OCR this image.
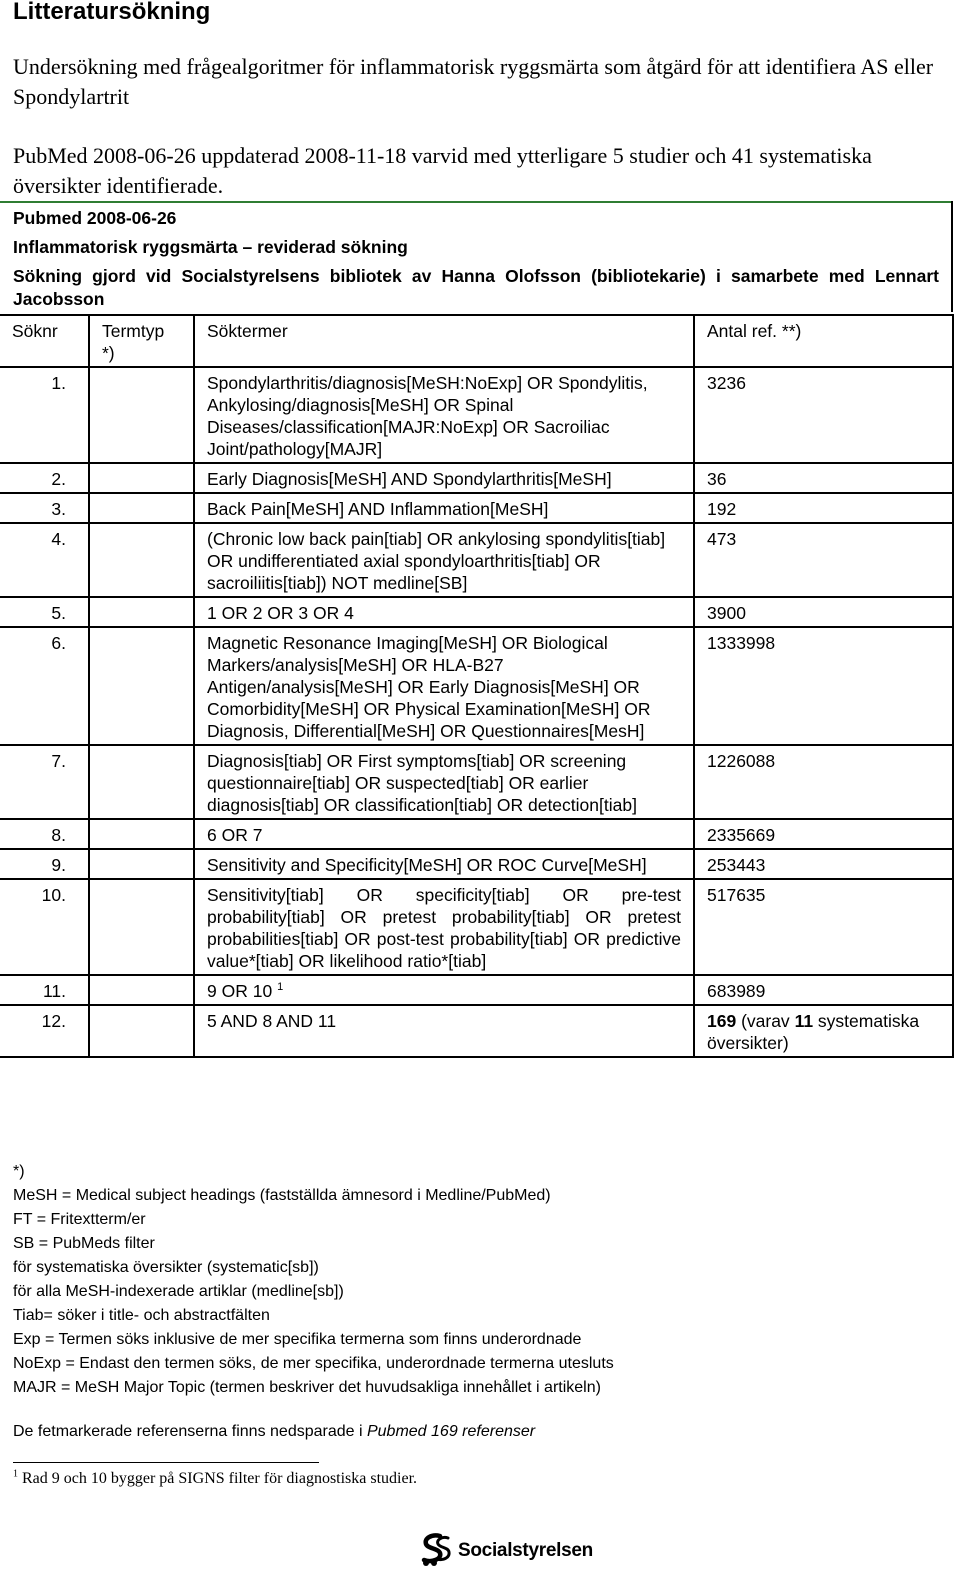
Litteratursökning
Undersökning med frågealgoritmer för inflammatorisk ryggsmärta som åtgärd för att identifiera AS eller Spondylartrit
PubMed 2008-06-26 uppdaterad 2008-11-18 varvid med ytterligare 5 studier och 41 systematiska översikter identifierade.
Pubmed 2008-06-26
Inflammatorisk ryggsmärta – reviderad sökning
Sökning gjord vid Socialstyrelsens bibliotek av Hanna Olofsson (bibliotekarie) i samarbete med Lennart Jacobsson
Söknr	Termtyp *)	Söktermer	Antal ref. **)
1.		Spondylarthritis/diagnosis[MeSH:NoExp] OR Spondylitis, Ankylosing/diagnosis[MeSH] OR Spinal Diseases/classification[MAJR:NoExp] OR Sacroiliac Joint/pathology[MAJR]	3236
2.		Early Diagnosis[MeSH] AND Spondylarthritis[MeSH]	36
3.		Back Pain[MeSH] AND Inflammation[MeSH]	192
4.		(Chronic low back pain[tiab] OR ankylosing spondylitis[tiab] OR undifferentiated axial spondyloarthritis[tiab] OR sacroiliitis[tiab]) NOT medline[SB]	473
5.		1 OR 2 OR 3 OR 4	3900
6.		Magnetic Resonance Imaging[MeSH] OR Biological Markers/analysis[MeSH] OR HLA-B27 Antigen/analysis[MeSH] OR Early Diagnosis[MeSH] OR Comorbidity[MeSH] OR Physical Examination[MeSH] OR Diagnosis, Differential[MeSH] OR Questionnaires[MesH]	1333998
7.		Diagnosis[tiab] OR First symptoms[tiab] OR screening questionnaire[tiab] OR suspected[tiab] OR earlier diagnosis[tiab] OR classification[tiab] OR detection[tiab]	1226088
8.		6 OR 7	2335669
9.		Sensitivity and Specificity[MeSH] OR ROC Curve[MeSH]	253443
10.		Sensitivity[tiab] OR specificity[tiab] OR pre-test probability[tiab] OR pretest probability[tiab] OR pretest probabilities[tiab] OR post-test probability[tiab] OR predictive value*[tiab] OR likelihood ratio*[tiab]	517635
11.		9 OR 10 $^1$	683989
12.		5 AND 8 AND 11	169 (varav 11 systematiska översikter)
*)
MeSH = Medical subject headings (fastställda ämnesord i Medline/PubMed)
FT = Fritextterm/er
SB = PubMeds filter
för systematiska översikter (systematic[sb])
för alla MeSH-indexerade artiklar (medline[sb])
Tiab= söker i title- och abstractfälten
Exp = Termen söks inklusive de mer specifika termerna som finns underordnade
NoExp = Endast den termen söks, de mer specifika, underordnade termerna utesluts
MAJR = MeSH Major Topic (termen beskriver det huvudsakliga innehållet i artikeln)
De fetmarkerade referenserna finns nedsparade i Pubmed 169 referenser
$^1$ Rad 9 och 10 bygger på SIGNS filter för diagnostiska studier.
Socialstyrelsen
